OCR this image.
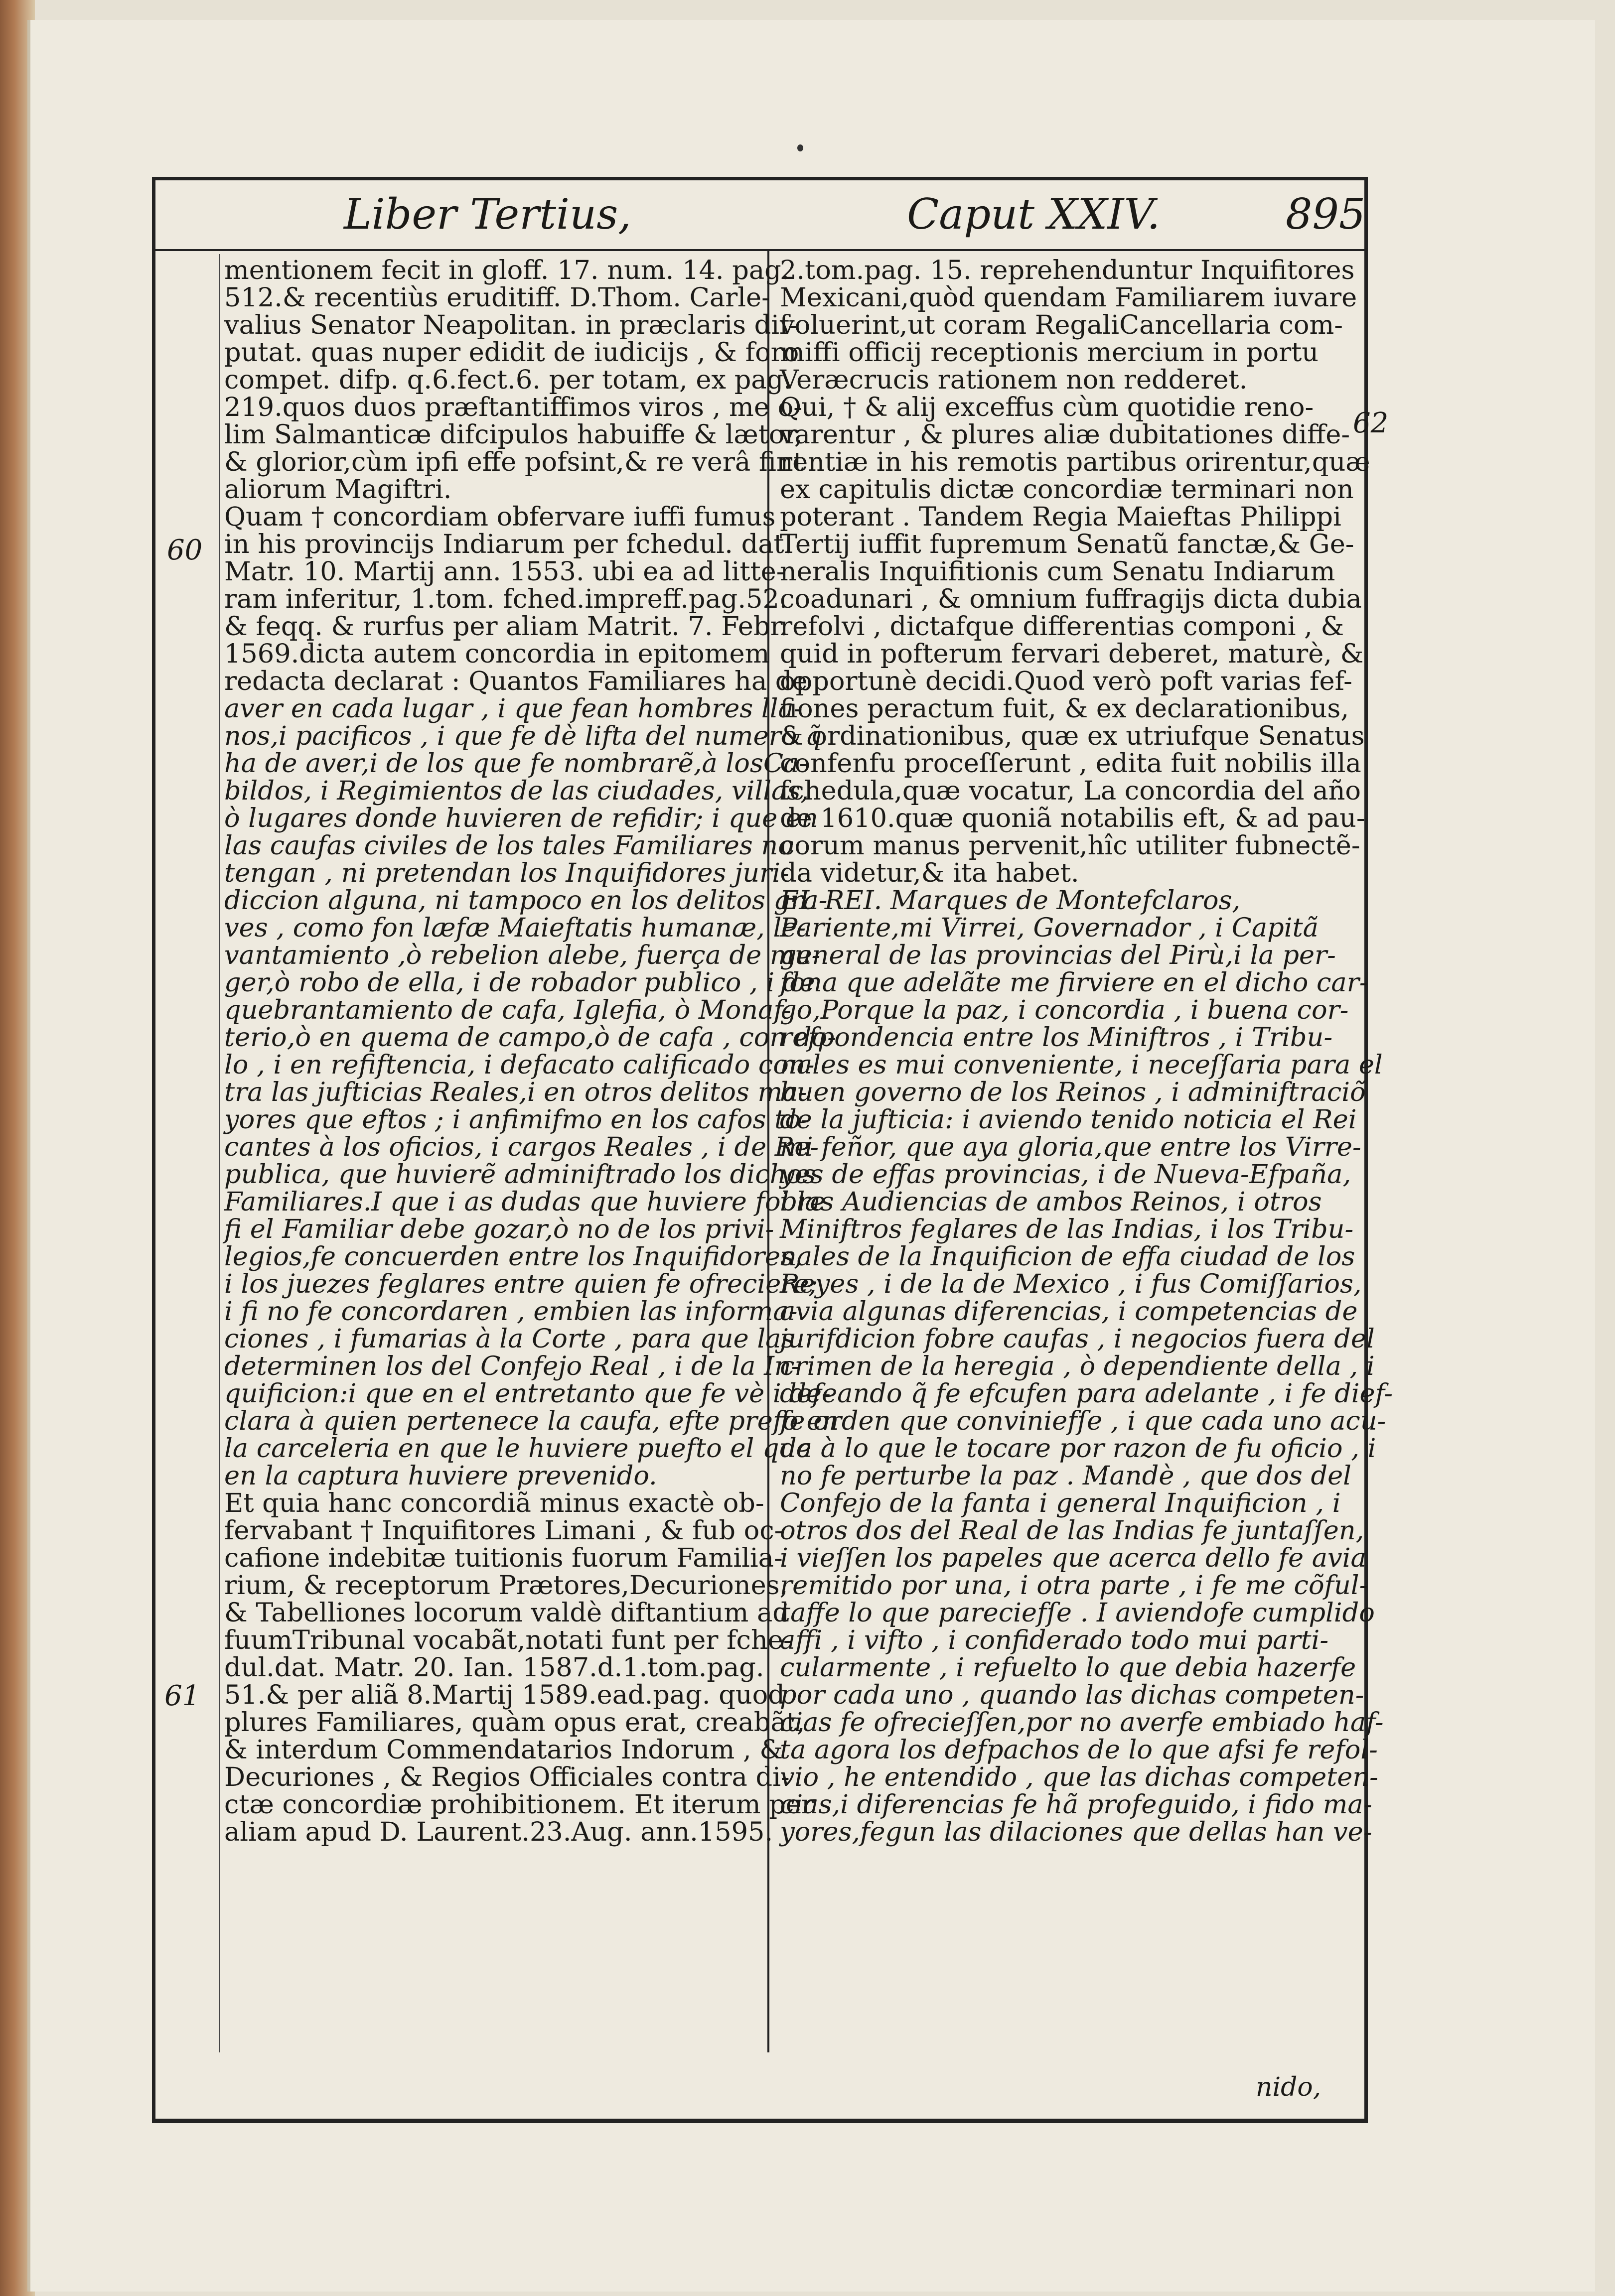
Liber Tertius,	Caput XXIV.	895

mentionem fecit in gloff. 17. num. 14. pag.

512.& recentiùs eruditiff. D.Thom. Carle-

valius Senator Neapolitan. in præclaris dif-

putat. quas nuper edidit de iudicijs , & foro

compet. difp. q.6.fect.6. per totam, ex pag.

219.quos duos præftantiffimos viros , me o-

lim Salmanticæ difcipulos habuiffe & lætor,

& glorior,cùm ipfi effe pofsint,& re verâ fint

aliorum Magiftri.

Quam † concordiam obfervare iuffi fumus

in his provincijs Indiarum per fchedul. dat.

Matr. 10. Martij ann. 1553. ubi ea ad litte-

ram inferitur, 1.tom. fched.impreff.pag.52.

& feqq. & rurfus per aliam Matrit. 7. Febr.

1569.dicta autem concordia in epitomem

redacta declarat : Quantos Familiares ha de

aver en cada lugar , i que fean hombres lla-

nos,i pacificos , i que fe dè lifta del numero q̃

ha de aver,i de los que fe nombrarẽ,à losCa-

bildos, i Regimientos de las ciudades, villas,

ò lugares donde huvieren de refidir; i que en

las caufas civiles de los tales Familiares no

tengan , ni pretendan los Inquifidores juri-

diccion alguna, ni tampoco en los delitos gra-

ves , como fon læfæ Maieftatis humanæ, le-

vantamiento ,ò rebelion alebe, fuerça de mu-

ger,ò robo de ella, i de robador publico , i de

quebrantamiento de cafa, Iglefia, ò Monaf-

terio,ò en quema de campo,ò de cafa , con do-

lo , i en refiftencia, i defacato calificado con-

tra las jufticias Reales,i en otros delitos ma-

yores que eftos ; i anfimifmo en los cafos to-

cantes à los oficios, i cargos Reales , i de Re-

publica, que huvierẽ adminiftrado los dichos

Familiares.I que i as dudas que huviere fobre

fi el Familiar debe gozar,ò no de los privi-

legios,fe concuerden entre los Inquifidores,

i los juezes feglares entre quien fe ofreciere;

i fi no fe concordaren , embien las informa-

ciones , i fumarias à la Corte , para que las

determinen los del Confejo Real , i de la In-

quificion:i que en el entretanto que fe vè i de-

clara à quien pertenece la caufa, efte prefo en

la carceleria en que le huviere puefto el que

en la captura huviere prevenido.

Et quia hanc concordiã minus exactè ob-

fervabant † Inquifitores Limani , & fub oc-

cafione indebitæ tuitionis fuorum Familia-

rium, & receptorum Prætores,Decuriones,

& Tabelliones locorum valdè diftantium ad

fuumTribunal vocabãt,notati funt per fche-

dul.dat. Matr. 20. Ian. 1587.d.1.tom.pag.

51.& per aliã 8.Martij 1589.ead.pag. quod

plures Familiares, quàm opus erat, creabãt,

& interdum Commendatarios Indorum , &

Decuriones , & Regios Officiales contra di-

ctæ concordiæ prohibitionem. Et iterum per

aliam apud D. Laurent.23.Aug. ann.1595.

2.tom.pag. 15. reprehenduntur Inquifitores

Mexicani,quòd quendam Familiarem iuvare

voluerint,ut coram RegaliCancellaria com-

miffi officij receptionis mercium in portu

Veræcrucis rationem non redderet.

Qui, † & alij exceffus cùm quotidie reno-

varentur , & plures aliæ dubitationes diffe-

rentiæ in his remotis partibus orirentur,quæ

ex capitulis dictæ concordiæ terminari non

poterant . Tandem Regia Maieftas Philippi

Tertij iuffit fupremum Senatũ fanctæ,& Ge-

neralis Inquifitionis cum Senatu Indiarum

coadunari , & omnium fuffragijs dicta dubia

refolvi , dictafque differentias componi , &

quid in pofterum fervari deberet, maturè, &

opportunè decidi.Quod verò poft varias fef-

fiones peractum fuit, & ex declarationibus,

& ordinationibus, quæ ex utriufque Senatus

confenfu proceſſerunt , edita fuit nobilis illa

fchedula,quæ vocatur, La concordia del año

de 1610.quæ quoniã notabilis eft, & ad pau-

corum manus pervenit,hîc utiliter fubnectẽ-

da videtur,& ita habet.

EL REI. Marques de Montefclaros,

Pariente,mi Virrei, Governador , i Capitã

general de las provincias del Pirù,i la per-

fona que adelãte me firviere en el dicho car-

go,Porque la paz, i concordia , i buena cor-

refpondencia entre los Miniftros , i Tribu-

nales es mui conveniente, i neceſſaria para el

buen governo de los Reinos , i adminiftraciõ

de la jufticia: i aviendo tenido noticia el Rei

mi feñor, que aya gloria,que entre los Virre-

yes de effas provincias, i de Nueva-Efpaña,

i las Audiencias de ambos Reinos, i otros

Miniftros feglares de las Indias, i los Tribu-

nales de la Inquificion de effa ciudad de los

Reyes , i de la de Mexico , i fus Comiſſarios,

avia algunas diferencias, i competencias de

jurifdicion fobre caufas , i negocios fuera del

crimen de la heregia , ò dependiente della , i

defeando q̃ fe efcufen para adelante , i fe dief-

fe orden que conviniefſe , i que cada uno acu-

da à lo que le tocare por razon de fu oficio , i

no fe perturbe la paz . Mandè , que dos del

Confejo de la fanta i general Inquificion , i

otros dos del Real de las Indias fe juntaſſen,

i vieſſen los papeles que acerca dello fe avia

remitido por una, i otra parte , i fe me cõful-

taffe lo que pareciefſe . I aviendofe cumplido

affi , i vifto , i confiderado todo mui parti-

cularmente , i refuelto lo que debia hazerfe

por cada uno , quando las dichas competen-

cias fe ofrecieſſen,por no averfe embiado haf-

ta agora los defpachos de lo que afsi fe refol-

vio , he entendido , que las dichas competen-

cias,i diferencias fe hã profeguido, i fido ma-

yores,fegun las dilaciones que dellas han ve-

60
61
62
nido,
